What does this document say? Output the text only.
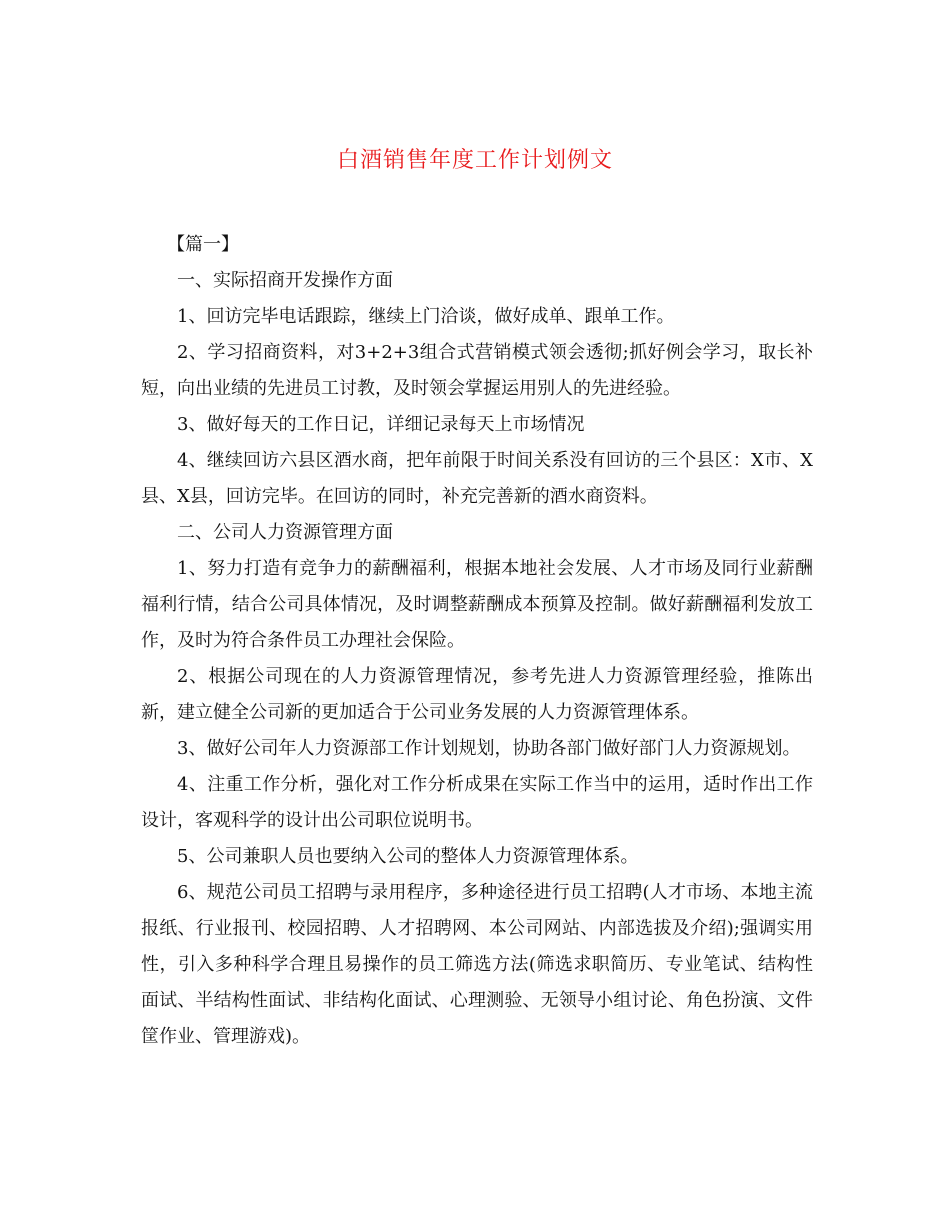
白酒销售年度工作计划例文

【篇一】

一、实际招商开发操作方面

1、回访完毕电话跟踪，继续上门洽谈，做好成单、跟单工作。

2、学习招商资料，对3+2+3组合式营销模式领会透彻;抓好例会学习，取长补短，向出业绩的先进员工讨教，及时领会掌握运用别人的先进经验。

3、做好每天的工作日记，详细记录每天上市场情况

4、继续回访六县区酒水商，把年前限于时间关系没有回访的三个县区：X市、X县、X县，回访完毕。在回访的同时，补充完善新的酒水商资料。

二、公司人力资源管理方面

1、努力打造有竞争力的薪酬福利，根据本地社会发展、人才市场及同行业薪酬福利行情，结合公司具体情况，及时调整薪酬成本预算及控制。做好薪酬福利发放工作，及时为符合条件员工办理社会保险。

2、根据公司现在的人力资源管理情况，参考先进人力资源管理经验，推陈出新，建立健全公司新的更加适合于公司业务发展的人力资源管理体系。

3、做好公司年人力资源部工作计划规划，协助各部门做好部门人力资源规划。

4、注重工作分析，强化对工作分析成果在实际工作当中的运用，适时作出工作设计，客观科学的设计出公司职位说明书。

5、公司兼职人员也要纳入公司的整体人力资源管理体系。

6、规范公司员工招聘与录用程序，多种途径进行员工招聘(人才市场、本地主流报纸、行业报刊、校园招聘、人才招聘网、本公司网站、内部选拔及介绍);强调实用性，引入多种科学合理且易操作的员工筛选方法(筛选求职简历、专业笔试、结构性面试、半结构性面试、非结构化面试、心理测验、无领导小组讨论、角色扮演、文件筐作业、管理游戏)。
